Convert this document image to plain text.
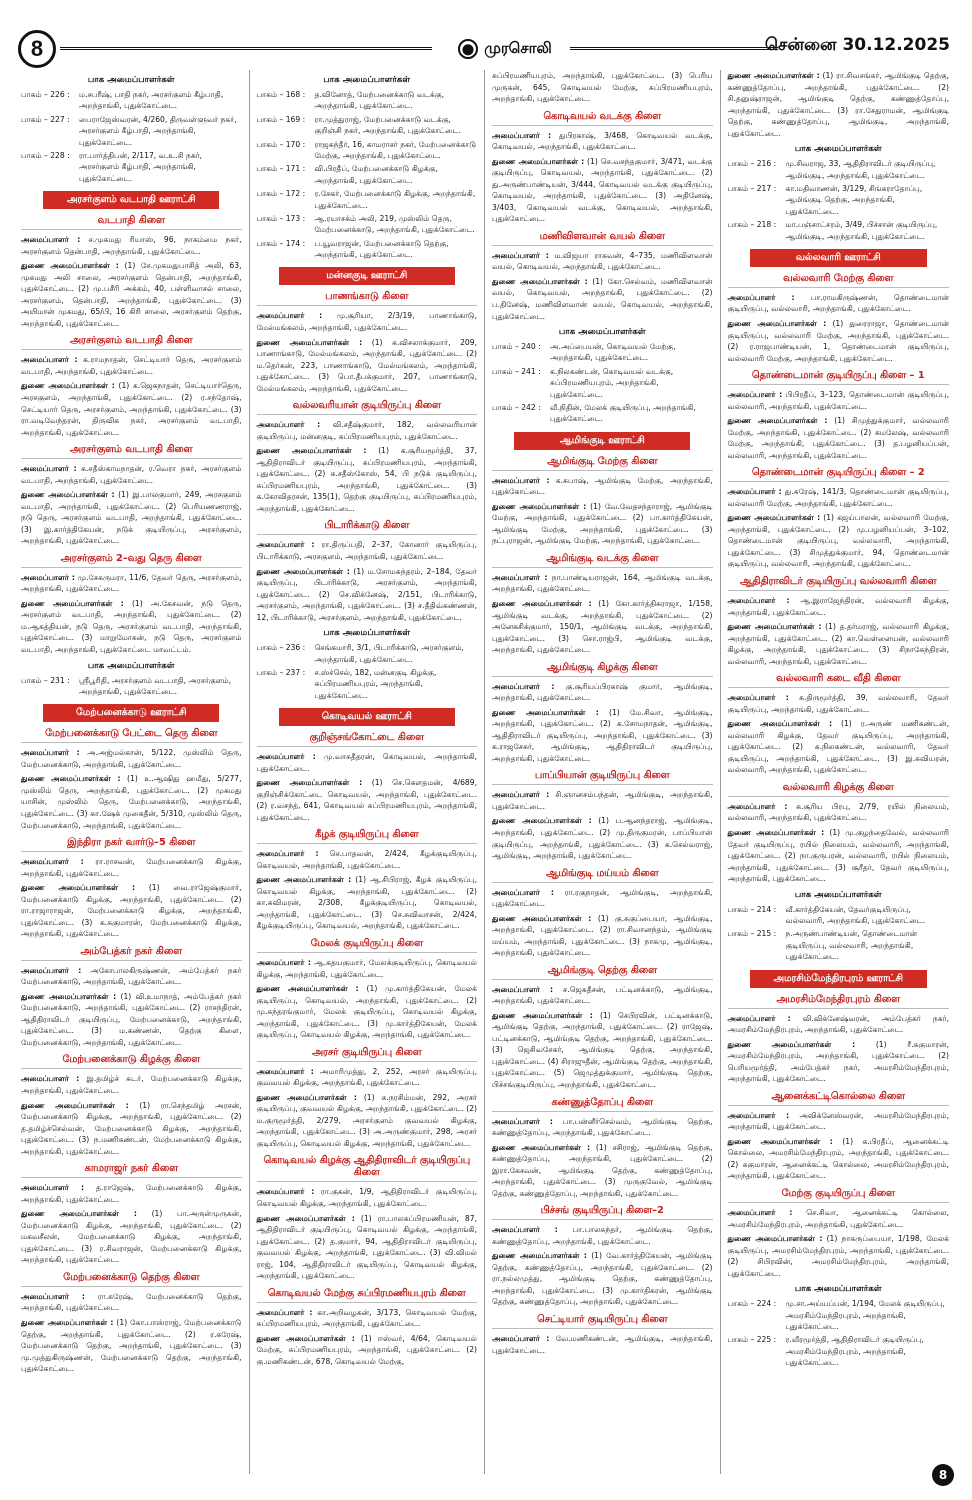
8	முரசொலி	சென்னை 30.12.2025
பாக அமைப்பாளர்கள்
பாகம் – 226 :	ம.சபரீஷ், பாதி நகர், அரசர்குளம் கீழ்பாதி, அறந்தாங்கி, புதுக்கோட்டை.
பாகம் – 227 :	பைராஜேஸ்வரன், 4/260, திருவள்ளுவர் நகர், அரசர்குளம் கீழ்பாதி, அறந்தாங்கி, புதுக்கோட்டை.
பாகம் – 228 :	ரா.பார்த்திபன், 2/117, வ.உ.சி நகர், அரசர்குளம் கீழ்பாதி, அறந்தாங்கி, புதுக்கோட்டை.
அரசர்குளம் வடபாதி ஊராட்சி
வடபாதி கிளை

அமைப்பாளர் : ச.முகமது ரியாஸ், 96, நாகம்மை நகர், அரசர்குளம் தென்பாதி, அறந்தாங்கி, புதுக்கோட்டை.

துணை அமைப்பாளர்கள் : (1) சே.முகமதுபாசித் அலி, 63, முகமது அலி சாலை, அரசர்குளம் தென்பாதி, அறந்தாங்கி, புதுக்கோட்டை. (2) மு.பசீரி அக்கம், 40, பள்ளிவாசல் சாலை, அரசர்குளம், தென்பாதி, அறந்தாங்கி, புதுக்கோட்டை. (3) அயிமான் முகமது, 65/பி, 16 கிரி சாலை, அரசர்குளம் தெற்கு, அறந்தாங்கி, புதுக்கோட்டை.

அரசர்குளம் வடபாதி கிளை

அமைப்பாளர் : க.ராமநாதன், செட்டியார் தெரு, அரசர்குளம் வடபாதி, அறந்தாங்கி, புதுக்கோட்டை.

துணை அமைப்பாளர்கள் : (1) க.ஜெகநாதன், செட்டியார்தெரு, அரசகுளம், அறந்தாங்கி, புதுக்கோட்டை. (2) ர.சந்தோஷ், செட்டியார் தெரு, அரசர்குளம், அறந்தாங்கி, புதுக்கோட்டை. (3) ரா.வடிவேந்தரன், திருவிக நகர், அரசர்குளம் வடபாதி, அறந்தாங்கி, புதுக்கோட்டை.

அரசர்குளம் வடபாதி கிளை

அமைப்பாளர் : க.சதீஸ்காமநாதன், ர.வெரா நகர், அரசர்குளம் வடபாதி, அறந்தாங்கி, புதுக்கோட்டை.

துணை அமைப்பாளர்கள் : (1) இ.பாலகுமார், 249, அரசகுளம் வடபாதி, அறந்தாங்கி, புதுக்கோட்டை. (2) பெரியணணராஜ், நடு தெரு, அரசர்குளம் வடபாதி, அறந்தாங்கி, புதுக்கோட்டை. (3) இ.கார்த்திகேயன், நடுக் குடியிருப்பு, அரசர்குளம், அறந்தாங்கி, புதுக்கோட்டை.

அரசர்குளம் 2–வது தெரு கிளை

அமைப்பாளர் : மு.சேகருமரா, 11/6, தேவர் தெரு, அரசர்குளம், அறந்தாங்கி, புதுக்கோட்டை.

துணை அமைப்பாளர்கள் : (1) அ.கேசவன், நடு தெரு, அரசர்குளம் வடபாதி, அறந்தாங்கி, புதுக்கோட்டை. (2) ம.ஆகத்தியன், நடு தெரு, அரசர்குளம் வடபாதி, அறந்தாங்கி, புதுக்கோட்டை. (3) மாறுமோகன், நடு தெரு, அரசர்குளம் வடபாதி, அறந்தாங்கி, புதுக்கோட்டை மாவட்டம்.

பாக அமைப்பாளர்கள்
பாகம் – 231 :	ஸ்ரீபூரிதி, அரசர்குளம் வடபாதி, அரசர்குளம், அறந்தாங்கி, புதுக்கோட்டை.
மேற்பனைக்காடு ஊராட்சி
மேற்பனைக்காடு பேட்டை தெரு கிளை

அமைப்பாளர் : அ.அஜ்மல்கான், 5/122, முஸ்லிம் தெரு, மேற்பனைக்காடு, அறந்தாங்கி, புதுக்கோட்டை.

துணை அமைப்பாளர்கள் : (1) உ.ஆஷிது ஹமீது, 5/277, முஸ்லிம் தெரு, அறந்தாங்கி, புதுக்கோட்டை. (2) முகமது யாசின், முஸ்லிம் தெரு, மேற்பனைக்காடு, அறந்தாங்கி, புதுக்கோட்டை. (3) கா.ஷேக் முகைதீன், 5/310, முஸ்லிம் தெரு, மேற்பனைக்காடு, அறந்தாங்கி, புதுக்கோட்டை.

இந்திரா நகர் வார்டு–5 கிளை

அமைப்பாளர் : ரா.ராசவன், மேற்பனைக்காடு கிழக்கு, அறந்தாங்கி, புதுக்கோட்டை.

துணை அமைப்பாளர்கள் : (1) வை.ராஜேஷ்குமார், மேற்பனைக்காடு கிழக்கு, அறந்தாங்கி, புதுக்கோட்டை. (2) ரா.ராஜாராஜன், மேற்பனைக்காடு கிழக்கு, அறந்தாங்கி, புதுக்கோட்டை. (3) க.சுகுமாரன், மேற்பனைக்காடு கிழக்கு, அறந்தாங்கி, புதுக்கோட்டை.

அம்பேத்கர் நகர் கிளை

அமைப்பாளர் : அகோபாலகிருஷ்ணன், அம்பேத்கர் நகர் மேற்பனைக்காடு, அறந்தாங்கி, புதுக்கோட்டை.

துணை அமைப்பாளர்கள் : (1) வி.உமாநாத், அம்பேத்கர் நகர் மேற்பனைக்காடு, அறந்தாங்கி, புதுக்கோட்டை. (2) ராசந்திரன், ஆதிதிராவிடர் குடியிருப்பு, மேற்பனைக்காடு, அறந்தாங்கி, புதுக்கோட்டை. (3) ம.கண்ணன், தெற்கு கிளை, மேற்பனைக்காடு, அறந்தாங்கி, புதுக்கோட்டை.

மேற்பனைக்காடு கிழக்கு கிளை

அமைப்பாளர் : இ.தமிழ்ச் சுடர், மேற்பனைக்காடு கிழக்கு, அறந்தாங்கி, புதுக்கோட்டை.

துணை அமைப்பாளர்கள் : (1) ரா.செந்தமிழ் அரசன், மேற்பனைக்காடு கிழக்கு, அறந்தாங்கி, புதுக்கோட்டை. (2) த.தமிழ்ச்செல்வன், மேற்பனைக்காடு கிழக்கு, அறந்தாங்கி, புதுக்கோட்டை. (3) ந.மணிகண்டன், மேற்பனைக்காடு கிழக்கு, அறந்தாங்கி, புதுக்கோட்டை.

காமராஜர் நகர் கிளை

அமைப்பாளர் : த.ராஜேஷ், மேற்பனைக்காடு கிழக்கு, அறந்தாங்கி, புதுக்கோட்டை.

துணை அமைப்பாளர்கள் : (1) பா.அருள்முருகன், மேற்பனைக்காடு கிழக்கு, அறந்தாங்கி, புதுக்கோட்டை. (2) மகவசீலன், மேற்பனைக்காடு கிழக்கு, அறந்தாங்கி, புதுக்கோட்டை. (3) ர.சிவராஜன், மேற்பனைக்காடு கிழக்கு, அறந்தாங்கி, புதுக்கோட்டை.

மேற்பனைக்காடு தெற்கு கிளை

அமைப்பாளர் : ரா.சுரேஷ், மேற்பனைக்காடு தெற்கு, அறந்தாங்கி, புதுக்கோட்டை.

துணை அமைப்பாளர்கள் : (1) கோ.பாஸ்ராஜ், மேற்பனைக்காடு தெற்கு, அறந்தாங்கி, புதுக்கோட்டை. (2) ர.கரேஷ், மேற்பனைக்காடு தெற்கு, அறந்தாங்கி, புதுக்கோட்டை. (3) மு.முத்துகிருஷ்ணன், மேற்பனைக்காடு தெற்கு, அறந்தாங்கி, புதுக்கோட்டை.

பாக அமைப்பாளர்கள்
பாகம் – 168 :	த.வினோத், மேற்பனைக்காடு வடக்கு, அறந்தாங்கி, புதுக்கோட்டை.
பாகம் – 169 :	ரா.முத்துராஜ், மேற்பனைக்காடு வடக்கு, குறிஞ்சி நகர், அறந்தாங்கி, புதுக்கோட்டை.
பாகம் – 170 :	ராஜசுந்தீர், 16, காமராசர் நகர், மேற்பனைக்காடு மேற்கு, அறந்தாங்கி, புதுக்கோட்டை.
பாகம் – 171 :	வி.பிரதீப், மேற்பனைக்காடு கிழக்கு, அறந்தாங்கி, புதுக்கோட்டை.
பாகம் – 172 :	ர.சேகர், மேற்பனைக்காடு கிழக்கு, அறந்தாங்கி, புதுக்கோட்டை.
பாகம் – 173 :	ஆ.ரயாசக்ம் அலி, 219, முஸ்லிம் தெரு, மேற்பனைக்காடு, அறந்தாங்கி, புதுக்கோட்டை.
பாகம் – 174 :	ப.யூவராஜன், மேற்பனைக்காடு தெற்கு, அறந்தாங்கி, புதுக்கோட்டை.
மன்னகுடி ஊராட்சி
பாணங்காடு கிளை

அமைப்பாளர் : மு.சூரியா, 2/3/19, பாணாங்காடு, மேல்மங்கலம், அறந்தாங்கி, புதுக்கோட்டை.

துணை அமைப்பாளர்கள் : (1) க.விசலாக்குமார், 209, பாணாங்காடு, மேல்மங்கலம், அறந்தாங்கி, புதுக்கோட்டை. (2) ம.தெர்கன், 223, பாணாங்காடு, மேல்மங்கலம், அறந்தாங்கி, புதுக்கோட்டை. (3) பொ.தீபக்குமார், 207, பாணாங்காடு, மேல்மங்கலம், அறந்தாங்கி, புதுக்கோட்டை.

வல்லவரியான் குடியிருப்பு கிளை

அமைப்பாளர் : வி.சதீஷ்குமார், 182, வல்லவரியான் குடியிருப்பு, மன்னகுடி, சுப்பிரமணியபுரம், புதுக்கோட்டை.

துணை அமைப்பாளர்கள் : (1) க.சூரியமூர்த்தி, 37, ஆதிதிராவிடர் குடியிருப்பு, சுப்பிரமணியபுரம், அறந்தாங்கி, புதுக்கோட்டை. (2) க.சதீஸ்கோஸ், 54, பி நடுக் குடியிருப்பு, சுப்பிரமணியபுரம், அறந்தாங்கி, புதுக்கோட்டை. (3) க.கோவிதரசன், 135(1), தெற்கு குடியிருப்பு, சுப்பிரமணியபுரம், அறந்தாங்கி, புதுக்கோட்டை.

பிடாரிக்காடு கிளை

அமைப்பாளர் : ரா.திருப்பதி, 2–37, கோனார் குடியிருப்பு, பிடாரிக்காடு, அரசகுளம், அறந்தாங்கி, புதுக்கோட்டை.

துணை அமைப்பாளர்கள் : (1) ம.சோமசுந்தரம், 2–184, தேவர் குடியிருப்பு, பிடாரிக்காடு, அரசர்குளம், அறந்தாங்கி, புதுக்கோட்டை. (2) செ.விக்னேஷ், 2/151, பிடாரிக்காடு, அரசர்குளம், அறந்தாங்கி, புதுக்கோட்டை. (3) ச.தீதிவ்கண்ணன், 12, பிடாரிக்காடு, அரசர்குளம், அறந்தாங்கி, புதுக்கோட்டை.

பாக அமைப்பாளர்கள்
பாகம் – 236 :	செங்கமாரி, 3/1, பிடாரிக்காடு, அரசர்குளம், அறந்தாங்கி, புதுக்கோட்டை.
பாகம் – 237 :	ச.ஸ்ச்செல், 182, மன்னகுடி கிழக்கு, சுப்பிரமணியபுரம், அறந்தாங்கி, புதுக்கோட்டை.
கொடிவயல் ஊராட்சி
குறிஞ்சங்கோட்டை கிளை

அமைப்பாளர் : மு.வாசுதீதரன், கொடிவயல், அறந்தாங்கி, புதுக்கோட்டை.

துணை அமைப்பாளர்கள் : (1) செ.கௌதமன், 4/689, குறிஞ்சிக்கோட்டை கொடிவயல், அறந்தாங்கி, புதுக்கோட்டை. (2) ர.வசந்த், 641, கொடிவயல் சுப்பிரமணியபுரம், அறந்தாங்கி, புதுக்கோட்டை.

கீழக் குடியிருப்பு கிளை

அமைப்பாளர் : செ.பாதவன், 2/424, கீழக்குடியிருப்பு, கொடிவயல், அறந்தாங்கி, புதுக்கோட்டை.

துணை அமைப்பாளர்கள் : (1) ஆ.சிபிராஜ், கீழக் குடியிருப்பு, கொடிவயல் கிழக்கு, அறந்தாங்கி, புதுக்கோட்டை. (2) கா.சுவிமரன், 2/308, கீழக்குடியிருப்பு, கொடிவயல், அறந்தாங்கி, புதுக்கோட்டை. (3) செ.சுவிவாசன், 2/424, கீழக்குடியிருப்பு, கொடிவயல், அறந்தாங்கி, புதுக்கோட்டை.

மேலக் குடியிருப்பு கிளை

அமைப்பாளர் : ஆ.கதயகுமார், மேலக்குடியிருப்பு, கொடிவயல் கிழக்கு, அறந்தாங்கி, புதுக்கோட்டை.

துணை அமைப்பாளர்கள் : (1) மு.கார்த்திகேயன், மேலக் குடியிருப்பு, கொடிவயல், அறந்தாங்கி, புதுக்கோட்டை. (2) மு.சுந்தரங்குமார், மேலக் குடியிருப்பு, கொடிவயல் கிழக்கு, அறந்தாங்கி, புதுக்கோட்டை. (3) மு.கார்த்திகேயன், மேலக் குடியிருப்பு, கொடிவயல் கிழக்கு, அறந்தாங்கி, புதுக்கோட்டை.

அரசர் குடியிருப்பு கிளை

அமைப்பாளர் : அமாரிமுத்து, 2, 252, அரசர் குடியிருப்பு, குவவயல் கிழக்கு, அறந்தாங்கி, புதுக்கோட்டை.

துணை அமைப்பாளர்கள் : (1) சு.நரசிம்மன், 292, அரசர் குடியிருப்பு, குவவயல் கிழக்கு, அறந்தாங்கி, புதுக்கோட்டை. (2) ம.குருமூர்த்தி, 2/279, அரசர்குளம் குவவயல் கிழக்கு, அறந்தாங்கி, புதுக்கோட்டை. (3) அ.அருண்குமார், 298, அரசர் குடியிருப்பு, கொடிவயல் கிழக்கு, அறந்தாங்கி, புதுக்கோட்டை.

கொடிவயல் கிழக்கு ஆதிதிராவிடர் குடியிருப்பு கிளை

அமைப்பாளர் : ரா.குகன், 1/9, ஆதிதிராவிடர் குடியிருப்பு, கொடிவயல் கிழக்கு, அறந்தாங்கி, புதுக்கோட்டை.

துணை அமைப்பாளர்கள் : (1) ரா.பாலசுப்பிரமணியன், 87, ஆதிதிராவிடர் குடியிருப்பு, கொடிவயல் கிழக்கு, அறந்தாங்கி, புதுக்கோட்டை. (2) த.குமார், 94, ஆதிதிராவிடர் குடியிருப்பு, குவவயல் கிழக்கு, அறந்தாங்கி, புதுக்கோட்டை. (3) வி.விமல் ராஜ், 104, ஆதிதிராவிடர் குடியிருப்பு, கொடிவயல் கிழக்கு, அறந்தாங்கி, புதுக்கோட்டை.

கொடிவயல் மேற்கு சுப்பிரமணியபுரம் கிளை

அமைப்பாளர் : கா.அறிவழகன், 3/173, கொடிவயல் மேற்கு, சுப்பிரமணியபுரம், அறந்தாங்கி, புதுக்கோட்டை.

துணை அமைப்பாளர்கள் : (1) ஈஸ்வர், 4/64, கொடிவயல் மேற்கு, சுப்பிரமணியபுரம், அறந்தாங்கி, புதுக்கோட்டை. (2) கு.மணிகண்டன், 678, கொடிவயல் மேற்கு,

சுப்பிரமணியபுரம், அறந்தாங்கி, புதுக்கோட்டை. (3) பெரிய முருகன், 645, கொடிவயல் மேற்கு, சுப்பிரமணியபுரம், அறந்தாங்கி, புதுக்கோட்டை.

கொடிவயல் வடக்கு கிளை

அமைப்பாளர் : துபிரகாஷ், 3/468, கொடிவயல் வடக்கு, கொடிவயல், அறந்தாங்கி, புதுக்கோட்டை.

துணை அமைப்பாளர்கள் : (1) செ.வசந்தகுமார், 3/471, வடக்கு குடியிருப்பு, கொடிவயல், அறந்தாங்கி, புதுக்கோட்டை. (2) து.அருண்பாண்டியன், 3/444, கொடிவயல் வடக்கு குடியிருப்பு, கொடிவயல், அறந்தாங்கி, புதுக்கோட்டை. (3) அதினேஷ், 3/403, கொடிவயல் வடக்கு, கொடிவயல், அறந்தாங்கி, புதுக்கோட்டை.

மணிவிளவான் வயல் கிளை

அமைப்பாளர் : ம.விஜயா ராகவன், 4–735, மணிவிளவான் வயல், கொடிவயல், அறந்தாங்கி, புதுக்கோட்டை.

துணை அமைப்பாளர்கள் : (1) கோ.செல்வம், மணிவிளவான் வயல், கொடிவயல், அறந்தாங்கி, புதுக்கோட்டை. (2) ப.தினேஷ், மணிவிளவான் வயல், கொடிவயல், அறந்தாங்கி, புதுக்கோட்டை.

பாக அமைப்பாளர்கள்
பாகம் – 240 :	அ.அப்பையன், கொடிவயல் மேற்கு, அறந்தாங்கி, புதுக்கோட்டை.
பாகம் – 241 :	க.நிலகண்டன், கொடிவயல் வடக்கு, சுப்பிரமணியபுரம், அறந்தாங்கி, புதுக்கோட்டை.
பாகம் – 242 :	வீ.நிதின், மேலக் குடியிருப்பு, அறந்தாங்கி, புதுக்கோட்டை.
ஆமிங்குடி ஊராட்சி
ஆமிங்குடி மேற்கு கிளை

அமைப்பாளர் : க.சுபாஷ், ஆமிங்குடி மேற்கு, அறந்தாங்கி, புதுக்கோட்டை.

துணை அமைப்பாளர்கள் : (1) வே.வேதசந்தாராஜ், ஆமிங்குடி மேற்கு, அறந்தாங்கி, புதுக்கோட்டை. (2) பா.கார்த்திகேயன், ஆமிங்குடி மேற்கு, அறந்தாங்கி, புதுக்கோட்டை. (3) நட்புராஜன், ஆமிங்குடி மேற்கு, அறந்தாங்கி, புதுக்கோட்டை.

ஆமிங்குடி வடக்கு கிளை

அமைப்பாளர் : நா.பாண்டியராஜன், 164, ஆமிங்குடி வடக்கு, அறந்தாங்கி, புதுக்கோட்டை.

துணை அமைப்பாளர்கள் : (1) கோ.கார்த்திகராஜா, 1/158, ஆமிங்குடி வடக்கு, அறந்தாங்கி, புதுக்கோட்டை. (2) அனேகசிக்குமார், 150/1, ஆமிங்குடி வடக்கு, அறந்தாங்கி, புதுக்கோட்டை. (3) சொ.ராஜ்பி, ஆமிங்குடி வடக்கு, அறந்தாங்கி, புதுக்கோட்டை.

ஆமிங்குடி கிழக்கு கிளை

அமைப்பாளர் : கு.சூரியப்பிரகாஷ் குமார், ஆமிங்குடி, அறந்தாங்கி, புதுக்கோட்டை.

துணை அமைப்பாளர்கள் : (1) மே.சிவா, ஆமிங்குடி, அறந்தாங்கி, புதுக்கோட்டை. (2) க.சோமநாதன், ஆமிங்குடி, ஆதிதிராவிடர் குடியிருப்பு, அறந்தாங்கி, புதுக்கோட்டை. (3) க.ராஜசேகர், ஆமிங்குடி, ஆதிதிராவிடர் குடியிருப்பு, அறந்தாங்கி, புதுக்கோட்டை.

பாப்பியான் குடியிருப்பு கிளை

அமைப்பாளர் : சி.ஞானசம்பந்தன், ஆமிங்குடி, அறந்தாங்கி, புதுக்கோட்டை.

துணை அமைப்பாளர்கள் : (1) ப.ஆனந்தராஜ், ஆமிங்குடி, அறந்தாங்கி, புதுக்கோட்டை. (2) மு.திருகுமரன், பாப்பியான் குடியிருப்பு, அறந்தாங்கி, புதுக்கோட்டை. (3) க.செல்வராஜ், ஆமிங்குடி, அறந்தாங்கி, புதுக்கோட்டை.

ஆமிங்குடி மய்யம் கிளை

அமைப்பாளர் : ரா.ரகுநாதன், ஆமிங்குடி, அறந்தாங்கி, புதுக்கோட்டை.

துணை அமைப்பாளர்கள் : (1) கு.சுகுப்பையா, ஆமிங்குடி, அறந்தாங்கி, புதுக்கோட்டை. (2) ரா.சிவானந்தம், ஆமிங்குடி மய்யம், அறந்தாங்கி, புதுக்கோட்டை. (3) நாகமு, ஆமிங்குடி, அறந்தாங்கி, புதுக்கோட்டை.

ஆமிங்குடி தெற்கு கிளை

அமைப்பாளர் : ச.ஜெகதீசன், பட்டினக்காடு, ஆமிங்குடி, அறந்தாங்கி, புதுக்கோட்டை.

துணை அமைப்பாளர்கள் : (1) செபிரவின், பட்டினக்காடு, ஆமிங்குடி தெற்கு, அறந்தாங்கி, புதுக்கோட்டை. (2) ராஜேஷ், பட்டினக்காடு, ஆமிங்குடி தெற்கு, அறந்தாங்கி, புதுக்கோட்டை. (3) ஜெசிவசேகர், ஆமிங்குடி தெற்கு, அறந்தாங்கி, புதுக்கோட்டை. (4) சிராஜுதீன், ஆமிங்குடி தெற்கு, அறந்தாங்கி, புதுக்கோட்டை. (5) ஜெமுத்துக்குமார், ஆமிங்குடி தெற்கு, பிச்சங்குடியிருப்பு, அறந்தாங்கி, புதுக்கோட்டை.

கண்ணுத்தோப்பு கிளை

அமைப்பாளர் : பா.பன்னீர்செல்வம், ஆமிங்குடி தெற்கு, கண்ணுத்தோப்பு, அறந்தாங்கி, புதுக்கோட்டை.

துணை அமைப்பாளர்கள் : (1) சசிராஜ், ஆமிங்குடி தெற்கு, கண்ணுத்தோப்பு, அறந்தாங்கி, புதுக்கோட்டை. (2) இரா.கேசவன், ஆமிங்குடி தெற்கு, கண்ணுத்தோப்பு, அறந்தாங்கி, புதுக்கோட்டை. (3) முருகுவேல், ஆமிங்குடி தெற்கு, கண்ணுத்தோப்பு, அறந்தாங்கி, புதுக்கோட்டை.

பிச்சங் குடியிருப்பு கிளை–2

அமைப்பாளர் : பா.பாலசுந்தர், ஆமிங்குடி தெற்கு, கண்ணுத்தோப்பு, அறந்தாங்கி, புதுக்கோட்டை.

துணை அமைப்பாளர்கள் : (1) வே.கார்த்திகேயன், ஆமிங்குடி தெற்கு, கண்ணுத்தோப்பு, அறந்தாங்கி, புதுக்கோட்டை. (2) ரா.நல்லமுத்து, ஆமிங்குடி தெற்கு, கண்ணுத்தோப்பு, அறந்தாங்கி, புதுக்கோட்டை. (3) மு.கார்திகரன், ஆமிங்குடி தெற்கு, கண்ணுத்தோப்பு, அறந்தாங்கி, புதுக்கோட்டை.

செட்டியார் குடியிருப்பு கிளை

அமைப்பாளர் : வே.மணிகண்டன், ஆமிங்குடி, அறந்தாங்கி, புதுக்கோட்டை.

துணை அமைப்பாளர்கள் : (1) ரா.சிவசங்கர், ஆமிங்குடி தெற்கு, கண்ணுத்தோப்பு, அறந்தாங்கி, புதுக்கோட்டை. (2) சி.தனுஷ்ராஜன், ஆமிங்குடி தெற்கு, கண்ணுத்தோப்பு, அறந்தாங்கி, புதுக்கோட்டை. (3) ரா.சேதுராமன், ஆமிங்குடி தெற்கு, கண்ணுத்தோப்பு, ஆமிங்குடி, அறந்தாங்கி, புதுக்கோட்டை.

பாக அமைப்பாளர்கள்
பாகம் – 216 :	மு.சிவராஜ, 33, ஆதிதிராவிடர் குடியிருப்பு, ஆமிங்குடி, அறந்தாங்கி, புதுக்கோட்டை.
பாகம் – 217 :	கா.மதிவாணன், 3/129, சிங்கராதோப்பு, ஆமிங்குடி தெற்கு, அறந்தாங்கி, புதுக்கோட்டை.
பாகம் – 218 :	மா.பஞ்சாட்சரம், 3/49, பிச்சான் குடியிருப்பு, ஆமிங்குடி, அறந்தாங்கி, புதுக்கோட்டை.
வல்லவாரி ஊராட்சி
வல்லவாரி மேற்கு கிளை

அமைப்பாளர் : பா.ராமகிருஷ்ணன், தொண்டைமான் குடியிருப்பு, வல்லவாரி, அறந்தாங்கி, புதுக்கோட்டை.

துணை அமைப்பாளர்கள் : (1) துரைராஜா, தொண்டைமான் குடியிருப்பு, வல்லவாரி மேற்கு, அறந்தாங்கி, புதுக்கோட்டை. (2) ர.ராஜபாண்டியன், 1, தொண்டைமான் குடியிருப்பு, வல்லவாரி மேற்கு, அறந்தாங்கி, புதுக்கோட்டை.

தொண்டைமான் குடியிருப்பு கிளை – 1

அமைப்பாளர் : பிபிரதீப், 3–123, தொண்டைமான் குடியிருப்பு, வல்லவாரி, அறந்தாங்கி, புதுக்கோட்டை.

துணை அமைப்பாளர்கள் : (1) சிமுத்துக்குமார், வல்லவாரி மேற்கு, அறந்தாங்கி, புதுக்கோட்டை. (2) கமலேஷ், வல்லவாரி மேற்கு, அறந்தாங்கி, புதுக்கோட்டை. (3) த.பழனியப்பன், வல்லவாரி, அறந்தாங்கி, புதுக்கோட்டை.

தொண்டைமான் குடியிருப்பு கிளை – 2

அமைப்பாளர் : து.சுரேஷ், 141/3, தொண்டைமான் குடியிருப்பு, வல்லவாரி மேற்கு, அறந்தாங்கி, புதுக்கோட்டை.

துணை அமைப்பாளர்கள் : (1) கஜய்பாலன், வல்லவாரி மேற்கு, அறந்தாங்கி, புதுக்கோட்டை. (2) மு.பழனியப்பன், 3–102, தொண்டைமான் குடியிருப்பு, வல்லவாரி, அறந்தாங்கி, புதுக்கோட்டை. (3) சிமுத்துக்குமார், 94, தொண்டைமான் குடியிருப்பு, வல்லவாரி, அறந்தாங்கி, புதுக்கோட்டை.

ஆதிதிராவிடர் குடியிருப்பு வல்லவாரி கிளை

அமைப்பாளர் : ஆ.இராஜேந்திரன், வல்லவாரி கிழக்கு, அறந்தாங்கி, புதுக்கோட்டை.

துணை அமைப்பாளர்கள் : (1) த.தர்மராஜ், வல்லவாரி கிழக்கு, அறந்தாங்கி, புதுக்கோட்டை. (2) கா.வெள்ளையன், வல்லவாரி கிழக்கு, அறந்தாங்கி, புதுக்கோட்டை. (3) சிநாகேந்திரன், வல்லவாரி, அறந்தாங்கி, புதுக்கோட்டை.

வல்லவாரி கடை வீதி கிளை

அமைப்பாளர் : க.திருமூர்த்தி, 39, வல்லவாரி, தேவர் குடியிருப்பு, அறந்தாங்கி, புதுக்கோட்டை.

துணை அமைப்பாளர்கள் : (1) ர.அருண் மணிகண்டன், வல்லவாரி கிழக்கு, தேவர் குடியிருப்பு, அறந்தாங்கி, புதுக்கோட்டை. (2) க.நிலகண்டன், வல்லவாரி, தேவர் குடியிருப்பு, அறந்தாங்கி, புதுக்கோட்டை. (3) இ.சுவியரன், வல்லவாரி, அறந்தாங்கி, புதுக்கோட்டை.

வல்லவாரி கிழக்கு கிளை

அமைப்பாளர் : க.சூரிய பிரபு, 2/79, ரயில் நிலையம், வல்லவாரி, அறந்தாங்கி, புதுக்கோட்டை.

துணை அமைப்பாளர்கள் : (1) மு.குழந்தைவேல், வல்லவாரி தேவர் குடியிருப்பு, ரயில் நிலையம், வல்லவாரி, அறந்தாங்கி, புதுக்கோட்டை. (2) நா.குருபரன், வல்லவாரி, ரயில் நிலையம், அறந்தாங்கி, புதுக்கோட்டை. (3) சூரீதர், தேவர் குடியிருப்பு, அறந்தாங்கி, புதுக்கோட்டை.

பாக அமைப்பாளர்கள்
பாகம் – 214 :	வீ.கார்த்திகேயன், தேவர்குடியிருப்பு, வல்லவாரி, அறந்தாங்கி, புதுக்கோட்டை.
பாகம் – 215 :	ந.அருண்பாண்டியன், தொண்டைமான் குடியிருப்பு, வல்லவாரி, அறந்தாங்கி, புதுக்கோட்டை.
அமரசிம்மேந்திரபுரம் ஊராட்சி
அமரசிம்மேந்திரபுரம் கிளை

அமைப்பாளர் : வி.விக்னேஷ்வரன், அம்பேத்கர் நகர், அமரசிம்மேந்திரபுரம், அறந்தாங்கி, புதுக்கோட்டை.

துணை அமைப்பாளர்கள் :	(1) ரீ.சுகுமாரன், அமரசிம்மேந்திரபுரம், அறந்தாங்கி, புதுக்கோட்டை. (2) பெரியமூர்த்தி, அம்பேத்கர் நகர், அமரசிம்மேந்திரபுரம், அறந்தாங்கி, புதுக்கோட்டை.

ஆனைக்கட்டிகொல்லை கிளை

அமைப்பாளர் : அவிக்னேஸ்வரன், அமரசிம்மேந்திரபுரம், அறந்தாங்கி, புதுக்கோட்டை.

துணை அமைப்பாளர்கள் : (1) க.பிரதீப், ஆனைக்கட்டி கொல்லை, அமரசிம்மேந்திரபுரம், அறந்தாங்கி, புதுக்கோட்டை. (2) சுகுமாரன், ஆனைக்கட்டி கொல்லை, அமரசிம்மேந்திரபுரம், அறந்தாங்கி, புதுக்கோட்டை.

மேற்கு குடியிருப்பு கிளை

அமைப்பாளர் : செ.சிவா, ஆனைக்கட்டி கொல்லை, அமரசிம்மேந்திரபுரம், அறந்தாங்கி, புதுக்கோட்டை.

துணை அமைப்பாளர்கள் : (1) நாகருப்பையா, 1/198, மேலக் குடியிருப்பு, அமரசிம்மேந்திரபுரம், அறந்தாங்கி, புதுக்கோட்டை. (2) சிபிரவின், அமரசிம்மேந்திரபுரம், அறந்தாங்கி, புதுக்கோட்டை.

பாக அமைப்பாளர்கள்
பாகம் – 224 :	மு.சா.அய்யப்பன், 1/194, மேலக் குடியிருப்பு, அமரசிம்மேந்திரபுரம், அறந்தாங்கி, புதுக்கோட்டை.
பாகம் – 225 :	ர.வீரமூர்த்தி, ஆதிதிராவிடர் குடியிருப்பு, அமரசிம்மேந்திரபுரம், அறந்தாங்கி, புதுக்கோட்டை.
8
